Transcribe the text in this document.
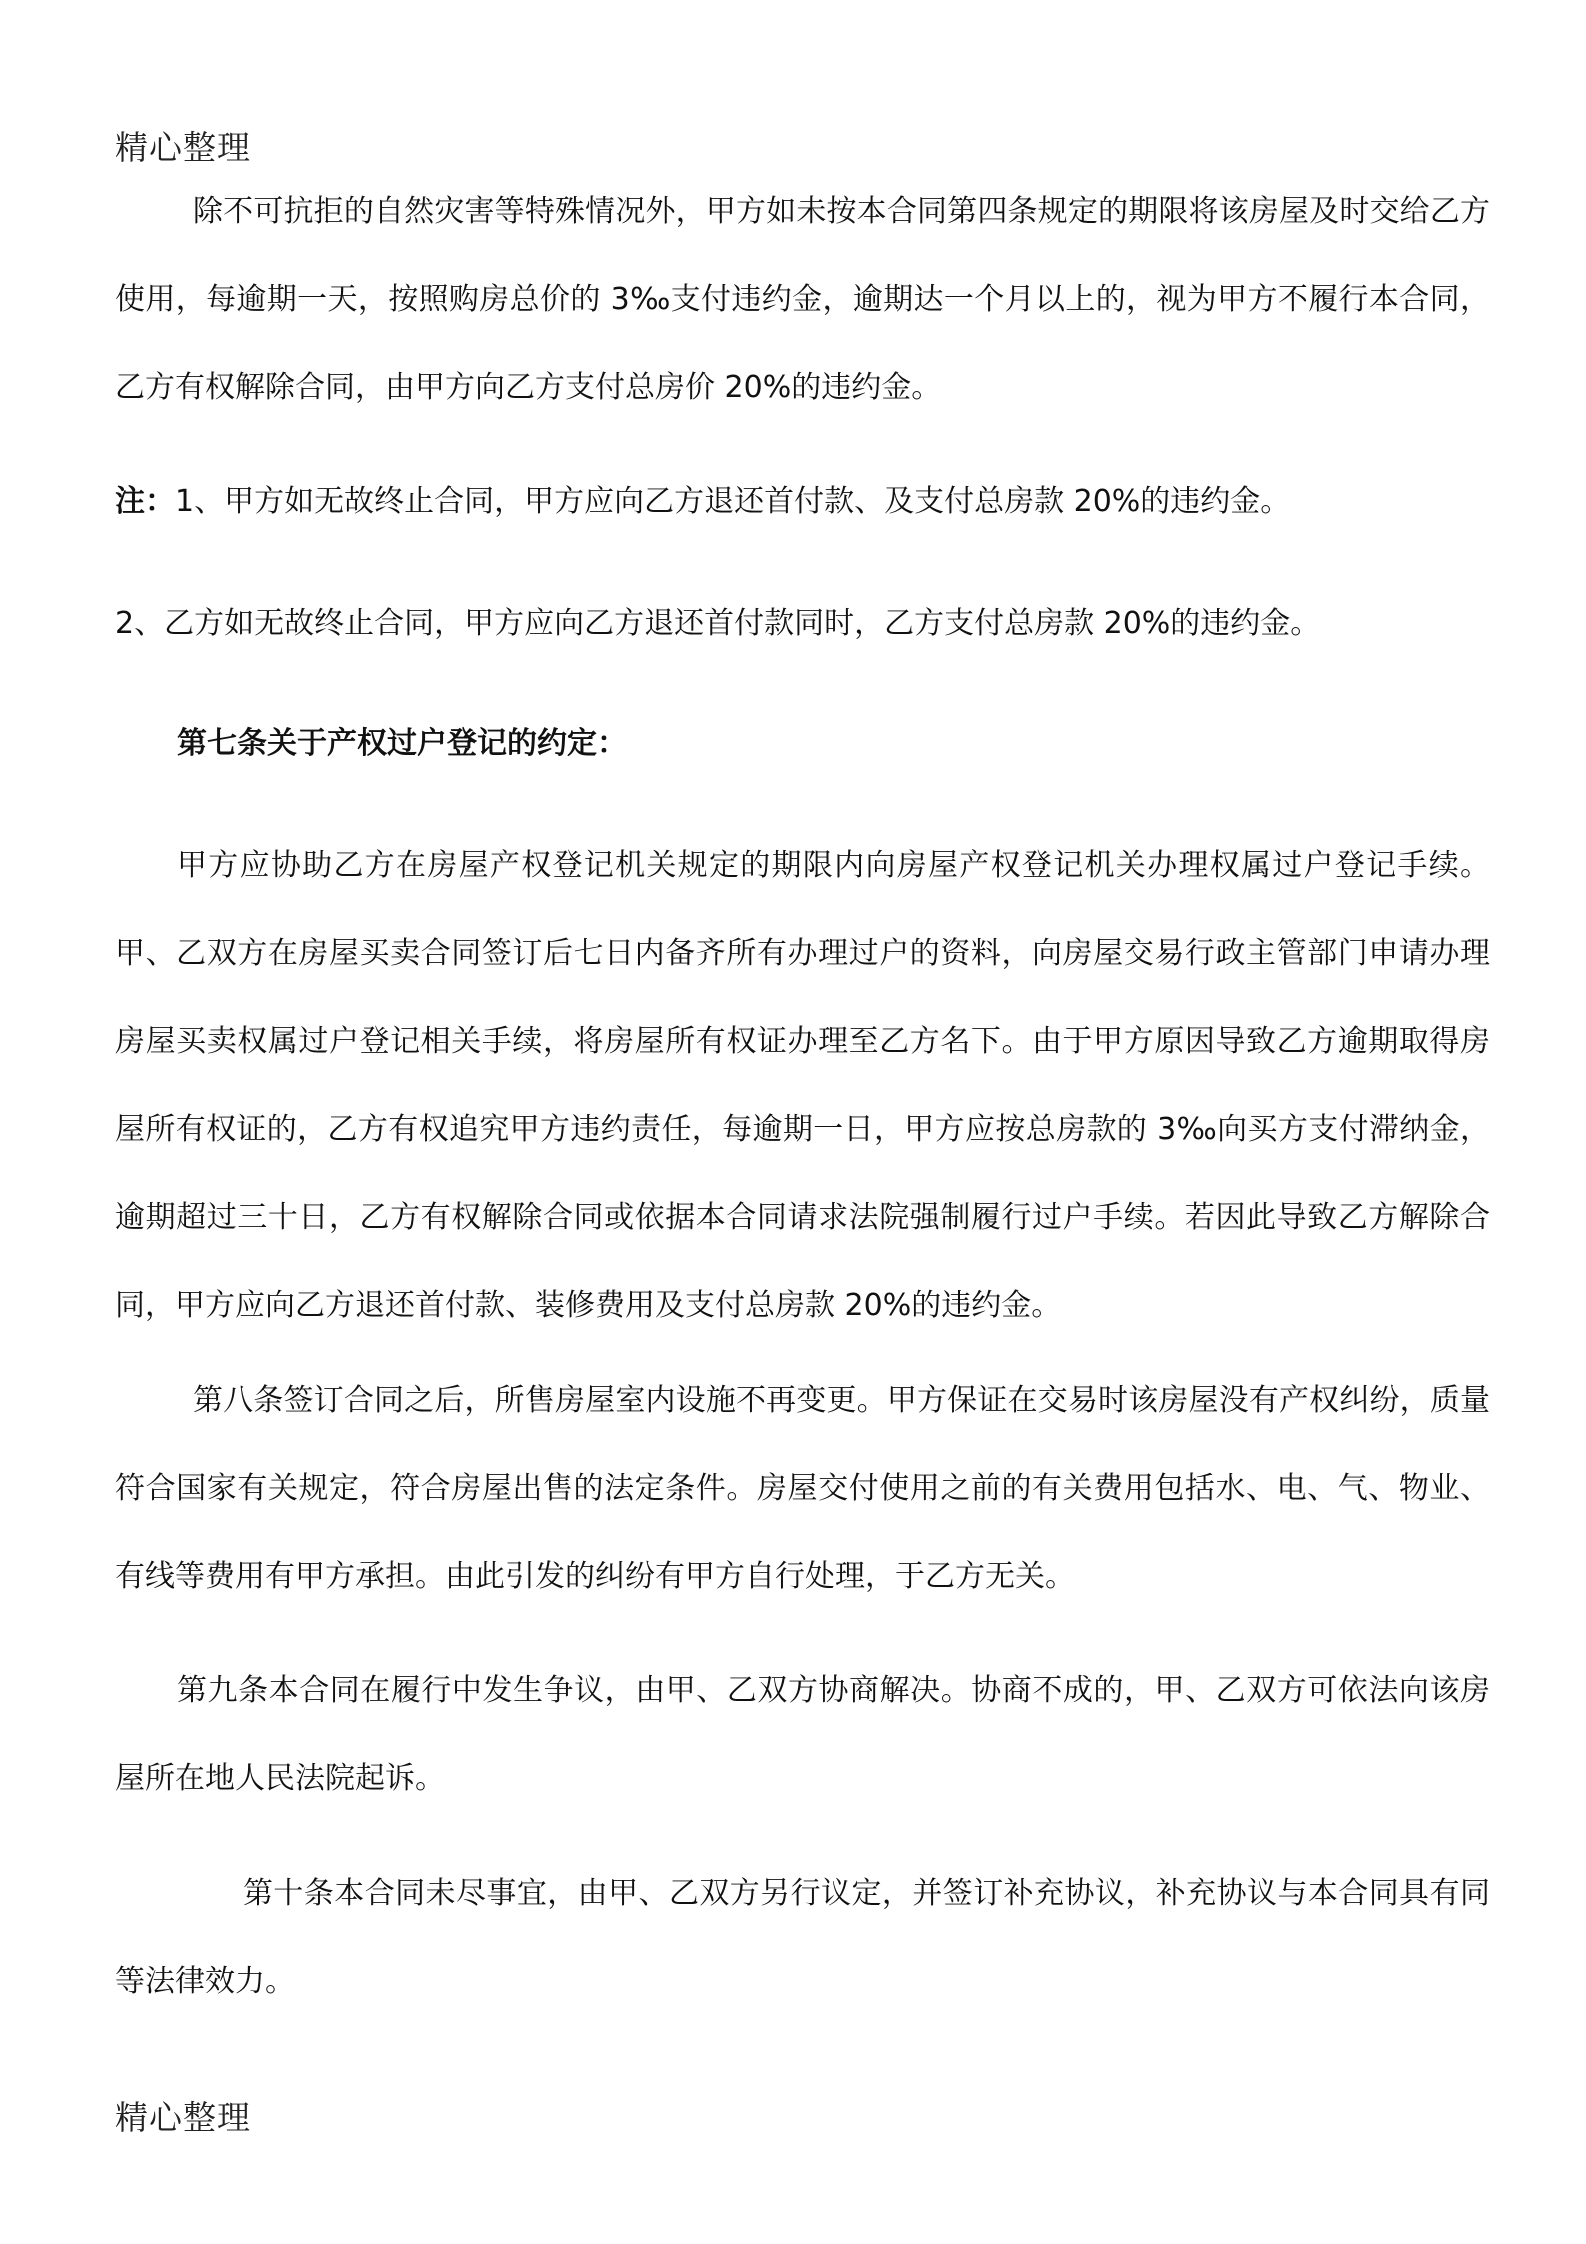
精心整理
除不可抗拒的自然灾害等特殊情况外，甲方如未按本合同第四条规定的期限将该房屋及时交给乙方使用，每逾期一天，按照购房总价的 3‰支付违约金，逾期达一个月以上的，视为甲方不履行本合同，乙方有权解除合同，由甲方向乙方支付总房价 20%的违约金。
注：1、甲方如无故终止合同，甲方应向乙方退还首付款、及支付总房款 20%的违约金。
2、乙方如无故终止合同，甲方应向乙方退还首付款同时，乙方支付总房款 20%的违约金。
第七条关于产权过户登记的约定：
甲方应协助乙方在房屋产权登记机关规定的期限内向房屋产权登记机关办理权属过户登记手续。甲、乙双方在房屋买卖合同签订后七日内备齐所有办理过户的资料，向房屋交易行政主管部门申请办理房屋买卖权属过户登记相关手续，将房屋所有权证办理至乙方名下。由于甲方原因导致乙方逾期取得房屋所有权证的，乙方有权追究甲方违约责任，每逾期一日，甲方应按总房款的 3‰向买方支付滞纳金，逾期超过三十日，乙方有权解除合同或依据本合同请求法院强制履行过户手续。若因此导致乙方解除合同，甲方应向乙方退还首付款、装修费用及支付总房款 20%的违约金。
第八条签订合同之后，所售房屋室内设施不再变更。甲方保证在交易时该房屋没有产权纠纷，质量符合国家有关规定，符合房屋出售的法定条件。房屋交付使用之前的有关费用包括水、电、气、物业、有线等费用有甲方承担。由此引发的纠纷有甲方自行处理，于乙方无关。
第九条本合同在履行中发生争议，由甲、乙双方协商解决。协商不成的，甲、乙双方可依法向该房屋所在地人民法院起诉。
第十条本合同未尽事宜，由甲、乙双方另行议定，并签订补充协议，补充协议与本合同具有同等法律效力。
精心整理
